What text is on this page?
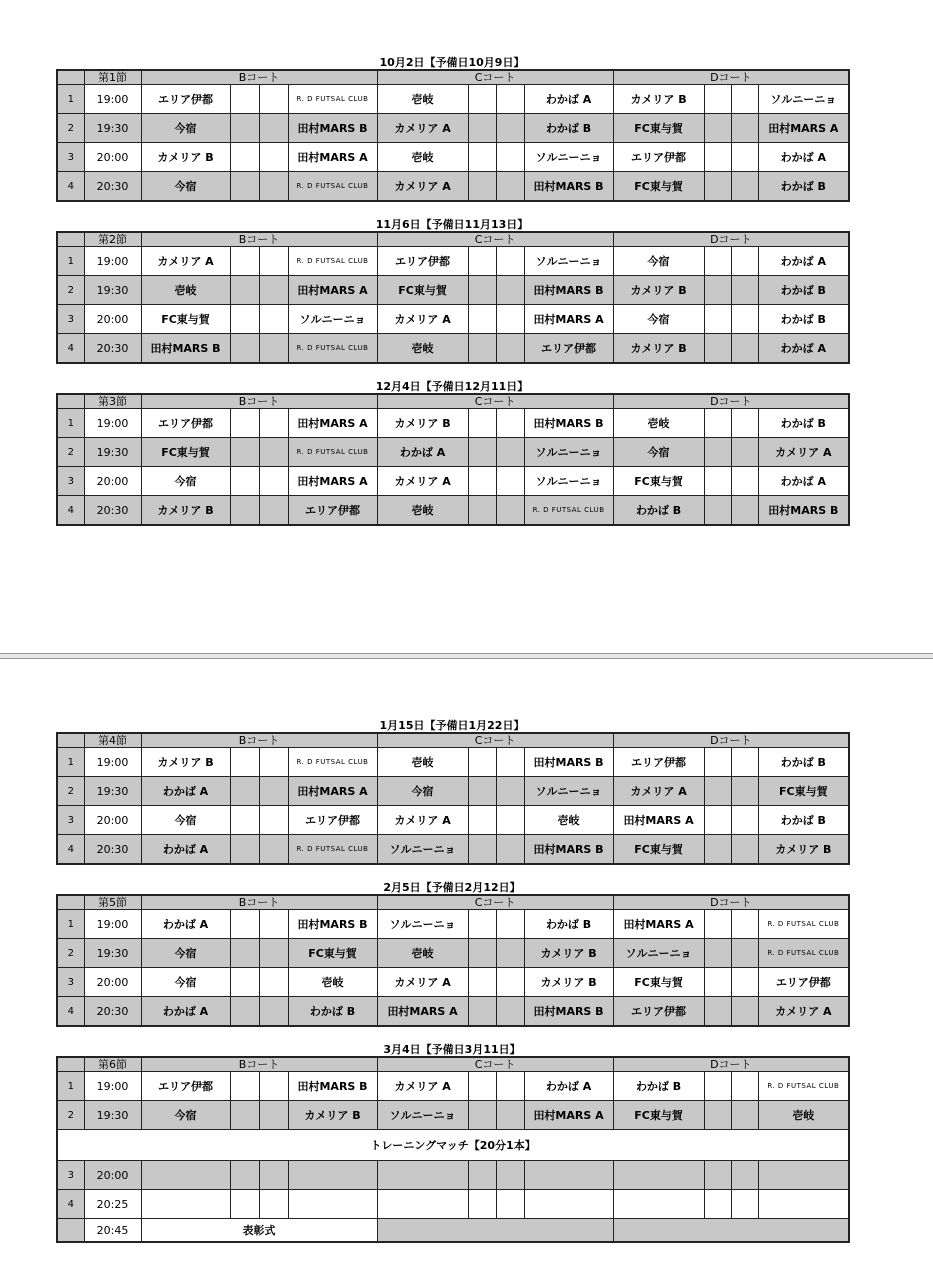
10月2日【予備日10月9日】
	第1節	Bコート				Cコート				Dコート			
1	19:00	エリア伊都			R. D FUTSAL CLUB	壱岐			わかば A	カメリア B			ソルニーニョ
2	19:30	今宿			田村MARS B	カメリア A			わかば B	FC東与賀			田村MARS A
3	20:00	カメリア B			田村MARS A	壱岐			ソルニーニョ	エリア伊都			わかば A
4	20:30	今宿			R. D FUTSAL CLUB	カメリア A			田村MARS B	FC東与賀			わかば B
11月6日【予備日11月13日】
	第2節	Bコート				Cコート				Dコート			
1	19:00	カメリア A			R. D FUTSAL CLUB	エリア伊都			ソルニーニョ	今宿			わかば A
2	19:30	壱岐			田村MARS A	FC東与賀			田村MARS B	カメリア B			わかば B
3	20:00	FC東与賀			ソルニーニョ	カメリア A			田村MARS A	今宿			わかば B
4	20:30	田村MARS B			R. D FUTSAL CLUB	壱岐			エリア伊都	カメリア B			わかば A
12月4日【予備日12月11日】
	第3節	Bコート				Cコート				Dコート			
1	19:00	エリア伊都			田村MARS A	カメリア B			田村MARS B	壱岐			わかば B
2	19:30	FC東与賀			R. D FUTSAL CLUB	わかば A			ソルニーニョ	今宿			カメリア A
3	20:00	今宿			田村MARS A	カメリア A			ソルニーニョ	FC東与賀			わかば A
4	20:30	カメリア B			エリア伊都	壱岐			R. D FUTSAL CLUB	わかば B			田村MARS B
1月15日【予備日1月22日】
	第4節	Bコート				Cコート				Dコート			
1	19:00	カメリア B			R. D FUTSAL CLUB	壱岐			田村MARS B	エリア伊都			わかば B
2	19:30	わかば A			田村MARS A	今宿			ソルニーニョ	カメリア A			FC東与賀
3	20:00	今宿			エリア伊都	カメリア A			壱岐	田村MARS A			わかば B
4	20:30	わかば A			R. D FUTSAL CLUB	ソルニーニョ			田村MARS B	FC東与賀			カメリア B
2月5日【予備日2月12日】
	第5節	Bコート				Cコート				Dコート			
1	19:00	わかば A			田村MARS B	ソルニーニョ			わかば B	田村MARS A			R. D FUTSAL CLUB
2	19:30	今宿			FC東与賀	壱岐			カメリア B	ソルニーニョ			R. D FUTSAL CLUB
3	20:00	今宿			壱岐	カメリア A			カメリア B	FC東与賀			エリア伊都
4	20:30	わかば A			わかば B	田村MARS A			田村MARS B	エリア伊都			カメリア A
3月4日【予備日3月11日】
	第6節	Bコート				Cコート				Dコート			
1	19:00	エリア伊都			田村MARS B	カメリア A			わかば A	わかば B			R. D FUTSAL CLUB
2	19:30	今宿			カメリア B	ソルニーニョ			田村MARS A	FC東与賀			壱岐
トレーニングマッチ【20分1本】													
3	20:00												
4	20:25												
	20:45	表彰式											
